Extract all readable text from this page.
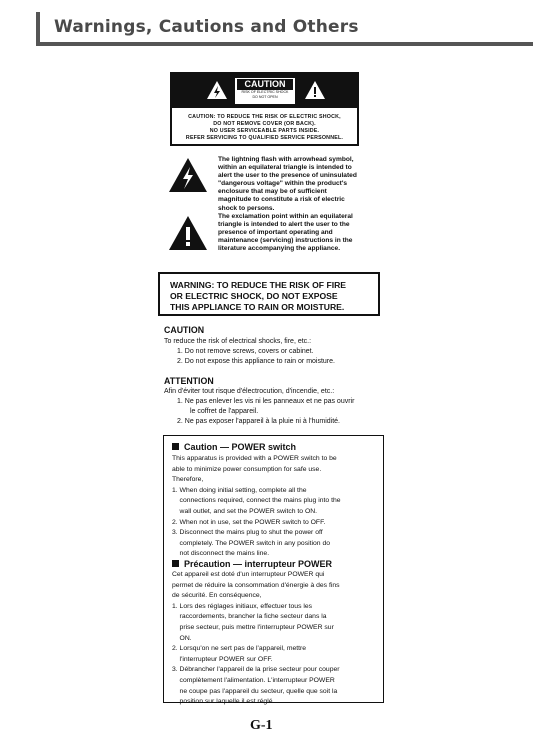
Warnings, Cautions and Others
CAUTION
RISK OF ELECTRIC SHOCK
DO NOT OPEN
CAUTION: TO REDUCE THE RISK OF ELECTRIC SHOCK,
DO NOT REMOVE COVER (OR BACK).
NO USER SERVICEABLE PARTS INSIDE.
REFER SERVICING TO QUALIFIED SERVICE PERSONNEL.
The lightning flash with arrowhead symbol,
within an equilateral triangle is intended to
alert the user to the presence of uninsulated
"dangerous voltage" within the product's
enclosure that may be of sufficient
magnitude to constitute a risk of electric
shock to persons.
The exclamation point within an equilateral
triangle is intended to alert the user to the
presence of important operating and
maintenance (servicing) instructions in the
literature accompanying the appliance.
WARNING: TO REDUCE THE RISK OF FIRE
OR ELECTRIC SHOCK, DO NOT EXPOSE
THIS APPLIANCE TO RAIN OR MOISTURE.
CAUTION
To reduce the risk of electrical shocks, fire, etc.:
1. Do not remove screws, covers or cabinet.
2. Do not expose this appliance to rain or moisture.
ATTENTION
Afin d'éviter tout risque d'électrocution, d'incendie, etc.:
1. Ne pas enlever les vis ni les panneaux et ne pas ouvrir
le coffret de l'appareil.
2. Ne pas exposer l'appareil à la pluie ni à l'humidité.
Caution — POWER switch
This apparatus is provided with a POWER switch to be
able to minimize power consumption for safe use.
Therefore,
1. When doing initial setting, complete all the
connections required, connect the mains plug into the
wall outlet, and set the POWER switch to ON.
2. When not in use, set the POWER switch to OFF.
3. Disconnect the mains plug to shut the power off
completely. The POWER switch in any position do
not disconnect the mains line.
Précaution — interrupteur POWER
Cet appareil est doté d'un interrupteur POWER qui
permet de réduire la consommation d'énergie à des fins
de sécurité. En conséquence,
1. Lors des réglages initiaux, effectuer tous les
raccordements, brancher la fiche secteur dans la
prise secteur, puis mettre l'interrupteur POWER sur
ON.
2. Lorsqu'on ne sert pas de l'appareil, mettre
l'interrupteur POWER sur OFF.
3. Débrancher l'appareil de la prise secteur pour couper
complètement l'alimentation. L'interrupteur POWER
ne coupe pas l'appareil du secteur, quelle que soit la
position sur laquelle il est réglé.
G-1
